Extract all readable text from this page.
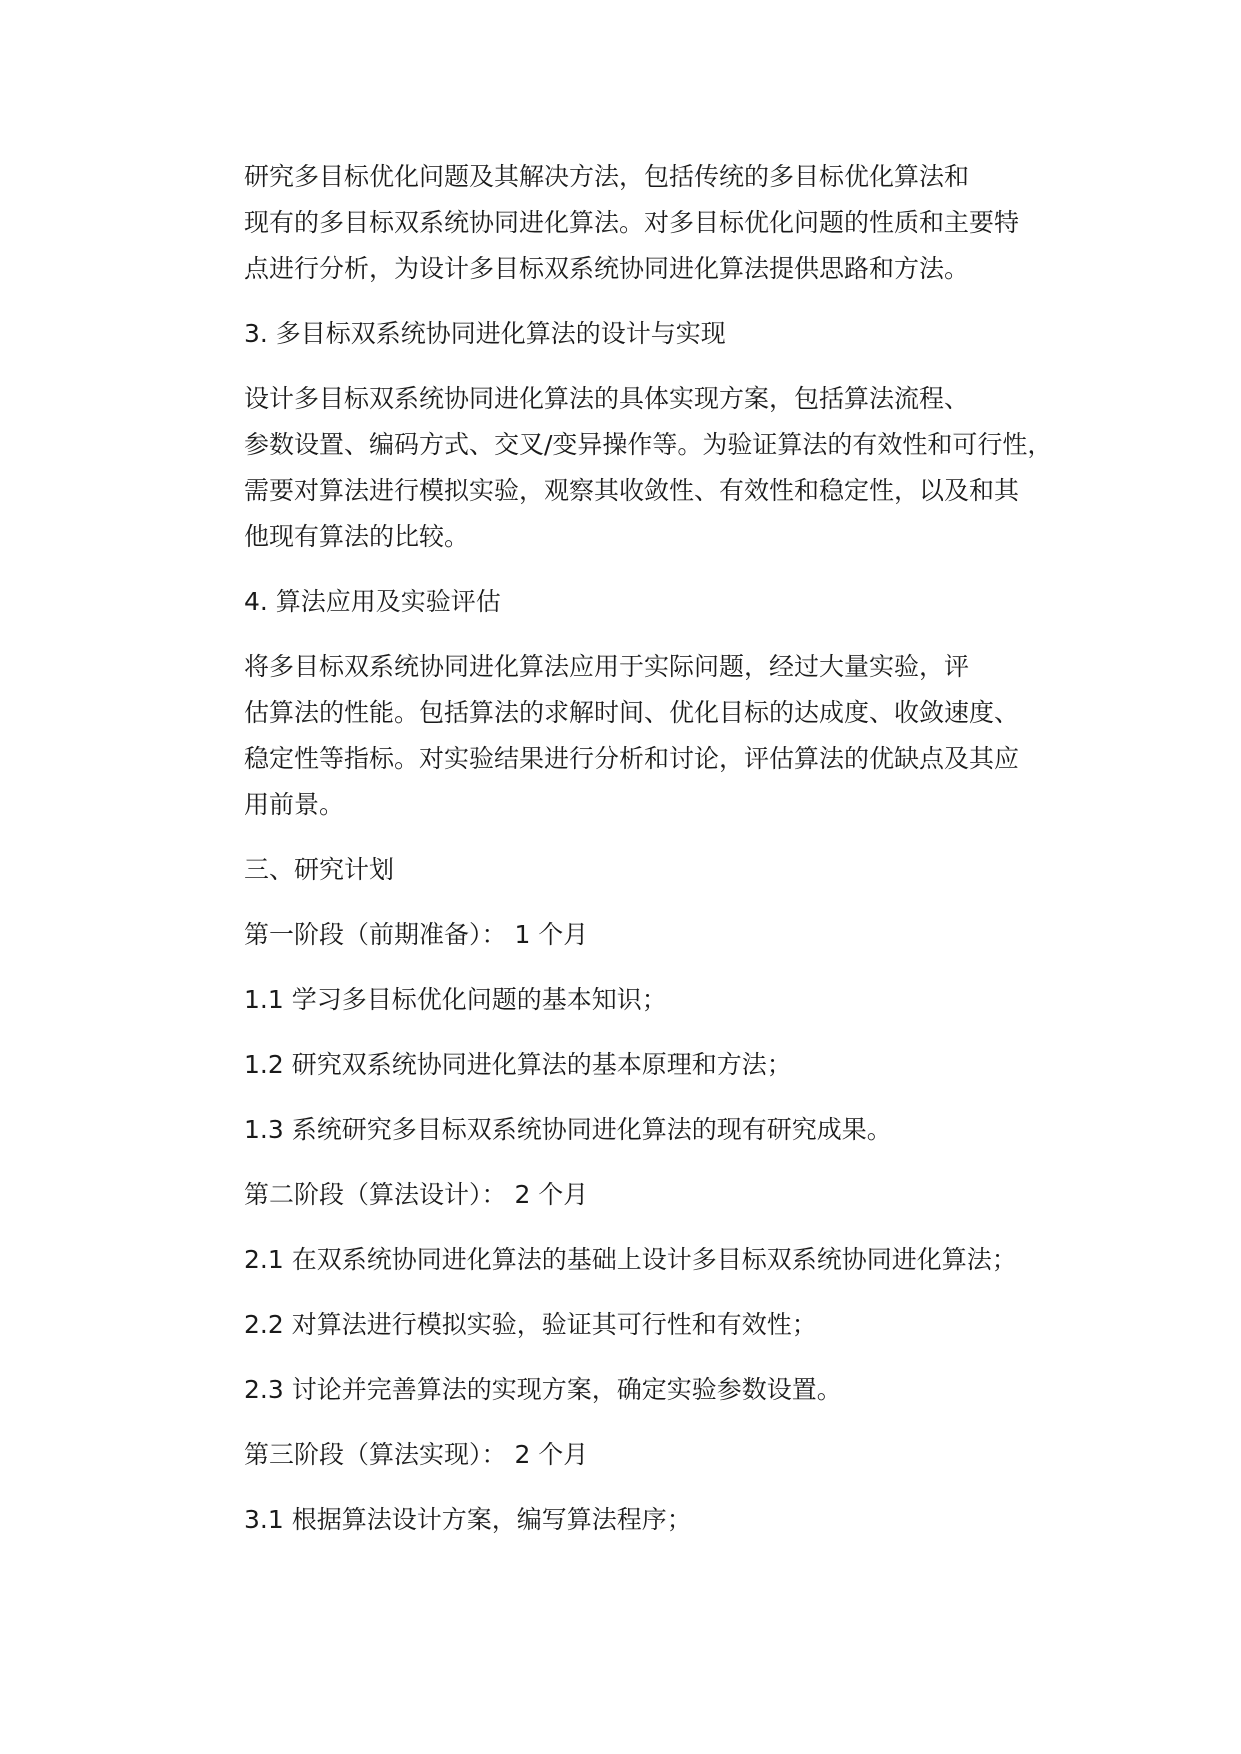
研究多目标优化问题及其解决方法，包括传统的多目标优化算法和
现有的多目标双系统协同进化算法。对多目标优化问题的性质和主要特
点进行分析，为设计多目标双系统协同进化算法提供思路和方法。

3. 多目标双系统协同进化算法的设计与实现

设计多目标双系统协同进化算法的具体实现方案，包括算法流程、
参数设置、编码方式、交叉/变异操作等。为验证算法的有效性和可行性，
需要对算法进行模拟实验，观察其收敛性、有效性和稳定性，以及和其
他现有算法的比较。

4. 算法应用及实验评估

将多目标双系统协同进化算法应用于实际问题，经过大量实验，评
估算法的性能。包括算法的求解时间、优化目标的达成度、收敛速度、
稳定性等指标。对实验结果进行分析和讨论，评估算法的优缺点及其应
用前景。

三、研究计划
第一阶段（前期准备）： 1 个月
1.1 学习多目标优化问题的基本知识；
1.2 研究双系统协同进化算法的基本原理和方法；
1.3 系统研究多目标双系统协同进化算法的现有研究成果。
第二阶段（算法设计）： 2 个月
2.1 在双系统协同进化算法的基础上设计多目标双系统协同进化算法；
2.2 对算法进行模拟实验，验证其可行性和有效性；
2.3 讨论并完善算法的实现方案，确定实验参数设置。
第三阶段（算法实现）： 2 个月
3.1 根据算法设计方案，编写算法程序；
